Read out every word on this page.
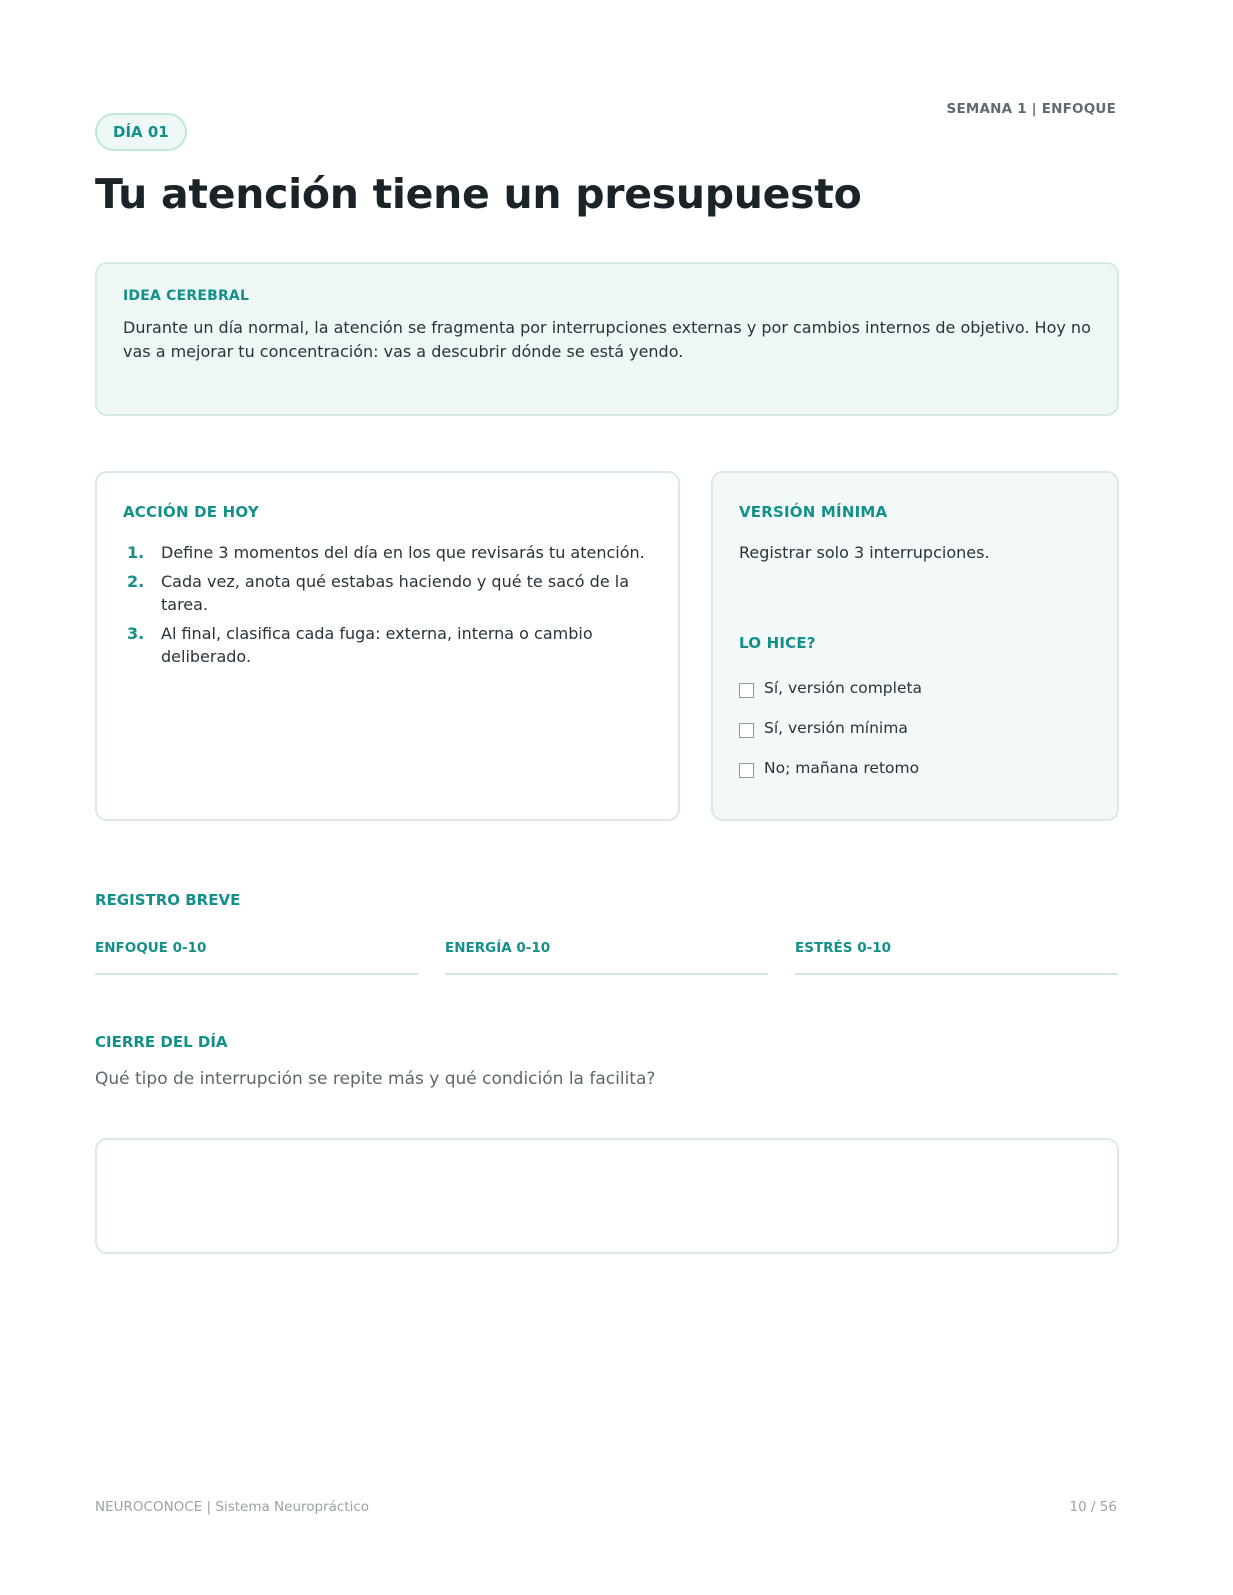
SEMANA 1 | ENFOQUE
DÍA 01
Tu atención tiene un presupuesto
IDEA CEREBRAL

Durante un día normal, la atención se fragmenta por interrupciones externas y por cambios internos de objetivo. Hoy no vas a mejorar tu concentración: vas a descubrir dónde se está yendo.

ACCIÓN DE HOY
1.	Define 3 momentos del día en los que revisarás tu atención.
2.	Cada vez, anota qué estabas haciendo y qué te sacó de la tarea.
3.	Al final, clasifica cada fuga: externa, interna o cambio deliberado.
VERSIÓN MÍNIMA

Registrar solo 3 interrupciones.

LO HICE?
Sí, versión completa
Sí, versión mínima
No; mañana retomo
REGISTRO BREVE
ENFOQUE 0-10	ENERGÍA 0-10	ESTRÉS 0-10
CIERRE DEL DÍA

Qué tipo de interrupción se repite más y qué condición la facilita?

NEUROCONOCE | Sistema Neuropráctico	10 / 56
